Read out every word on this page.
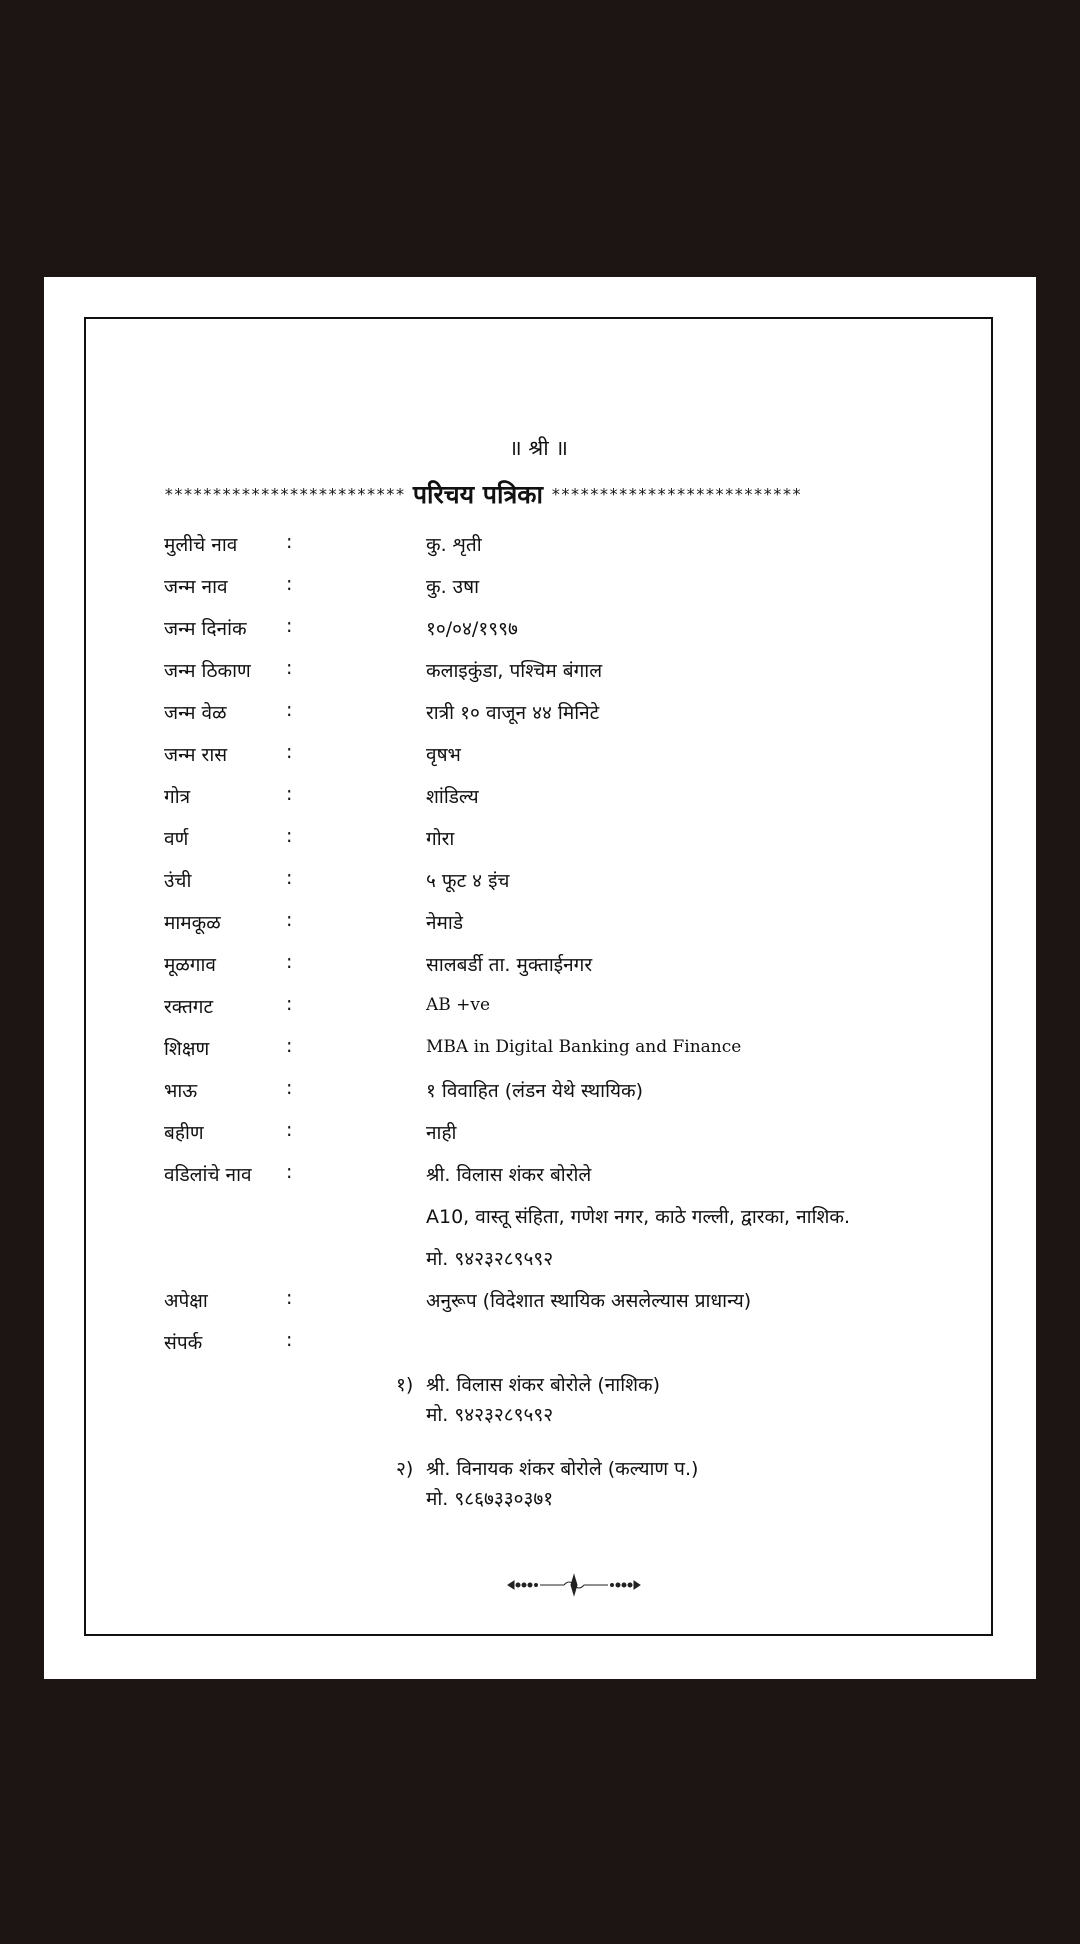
॥ श्री ॥
************************* परिचय पत्रिका **************************
मुलीचे नाव	:	कु. शृती
जन्म नाव	:	कु. उषा
जन्म दिनांक	:	१०/०४/१९९७
जन्म ठिकाण	:	कलाइकुंडा, पश्चिम बंगाल
जन्म वेळ	:	रात्री १० वाजून ४४ मिनिटे
जन्म रास	:	वृषभ
गोत्र	:	शांडिल्य
वर्ण	:	गोरा
उंची	:	५ फूट ४ इंच
मामकूळ	:	नेमाडे
मूळगाव	:	सालबर्डी ता. मुक्ताईनगर
रक्तगट	:	AB +ve
शिक्षण	:	MBA in Digital Banking and Finance
भाऊ	:	१ विवाहित (लंडन येथे स्थायिक)
बहीण	:	नाही
वडिलांचे नाव	:	श्री. विलास शंकर बोरोले
A10, वास्तू संहिता, गणेश नगर, काठे गल्ली, द्वारका, नाशिक.
मो. ९४२३२८९५९२
अपेक्षा	:	अनुरूप (विदेशात स्थायिक असलेल्यास प्राधान्य)
संपर्क	:
१) श्री. विलास शंकर बोरोले (नाशिक)
मो. ९४२३२८९५९२
२) श्री. विनायक शंकर बोरोले (कल्याण प.)
मो. ९८६७३३०३७१
